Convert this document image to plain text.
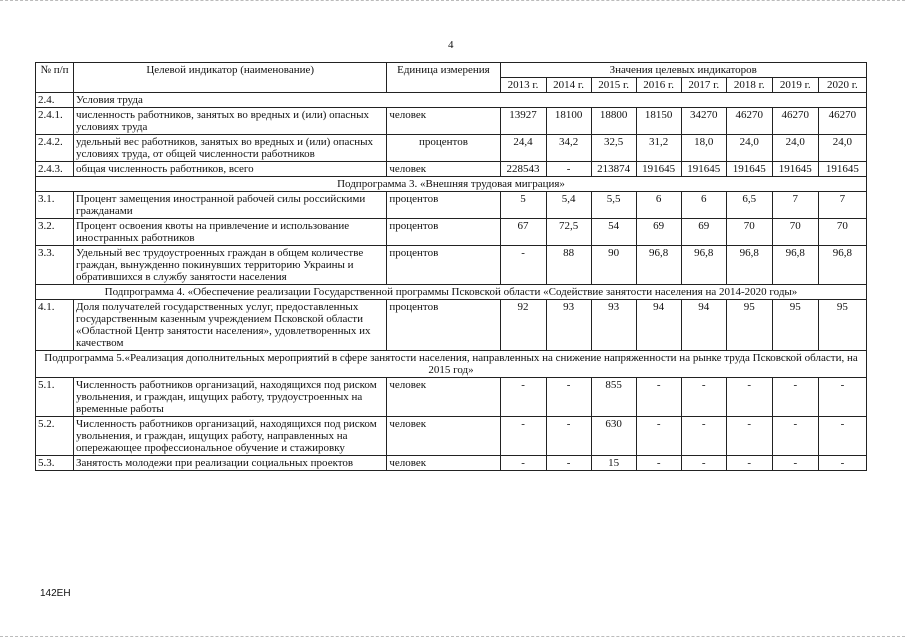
4
№ п/п	Целевой индикатор (наименование)	Единица измерения	Значения целевых индикаторов							
			2013 г.	2014 г.	2015 г.	2016 г.	2017 г.	2018 г.	2019 г.	2020 г.
2.4.	Условия труда									
2.4.1.	численность работников, занятых во вредных и (или) опасных условиях труда	человек	13927	18100	18800	18150	34270	46270	46270	46270
2.4.2.	удельный вес работников, занятых во вредных и (или) опасных условиях труда, от общей численности работников	процентов	24,4	34,2	32,5	31,2	18,0	24,0	24,0	24,0
2.4.3.	общая численность работников, всего	человек	228543	-	213874	191645	191645	191645	191645	191645
Подпрограмма 3. «Внешняя трудовая миграция»										
3.1.	Процент замещения иностранной рабочей силы российскими гражданами	процентов	5	5,4	5,5	6	6	6,5	7	7
3.2.	Процент освоения квоты на привлечение и использование иностранных работников	процентов	67	72,5	54	69	69	70	70	70
3.3.	Удельный вес трудоустроенных граждан в общем количестве граждан, вынужденно покинувших территорию Украины и обратившихся в службу занятости населения	процентов	-	88	90	96,8	96,8	96,8	96,8	96,8
Подпрограмма 4. «Обеспечение реализации Государственной программы Псковской области «Содействие занятости населения на 2014-2020 годы»										
4.1.	Доля получателей государственных услуг, предоставленных государственным казенным учреждением Псковской области «Областной Центр занятости населения», удовлетворенных их качеством	процентов	92	93	93	94	94	95	95	95
Подпрограмма 5.«Реализация дополнительных мероприятий в сфере занятости населения, направленных на снижение напряженности на рынке труда Псковской области, на 2015 год»										
5.1.	Численность работников организаций, находящихся под риском увольнения, и граждан, ищущих работу, трудоустроенных на временные работы	человек	-	-	855	-	-	-	-	-
5.2.	Численность работников организаций, находящихся под риском увольнения, и граждан, ищущих работу, направленных на опережающее профессиональное обучение и стажировку	человек	-	-	630	-	-	-	-	-
5.3.	Занятость молодежи при реализации социальных проектов	человек	-	-	15	-	-	-	-	-
142ЕН
